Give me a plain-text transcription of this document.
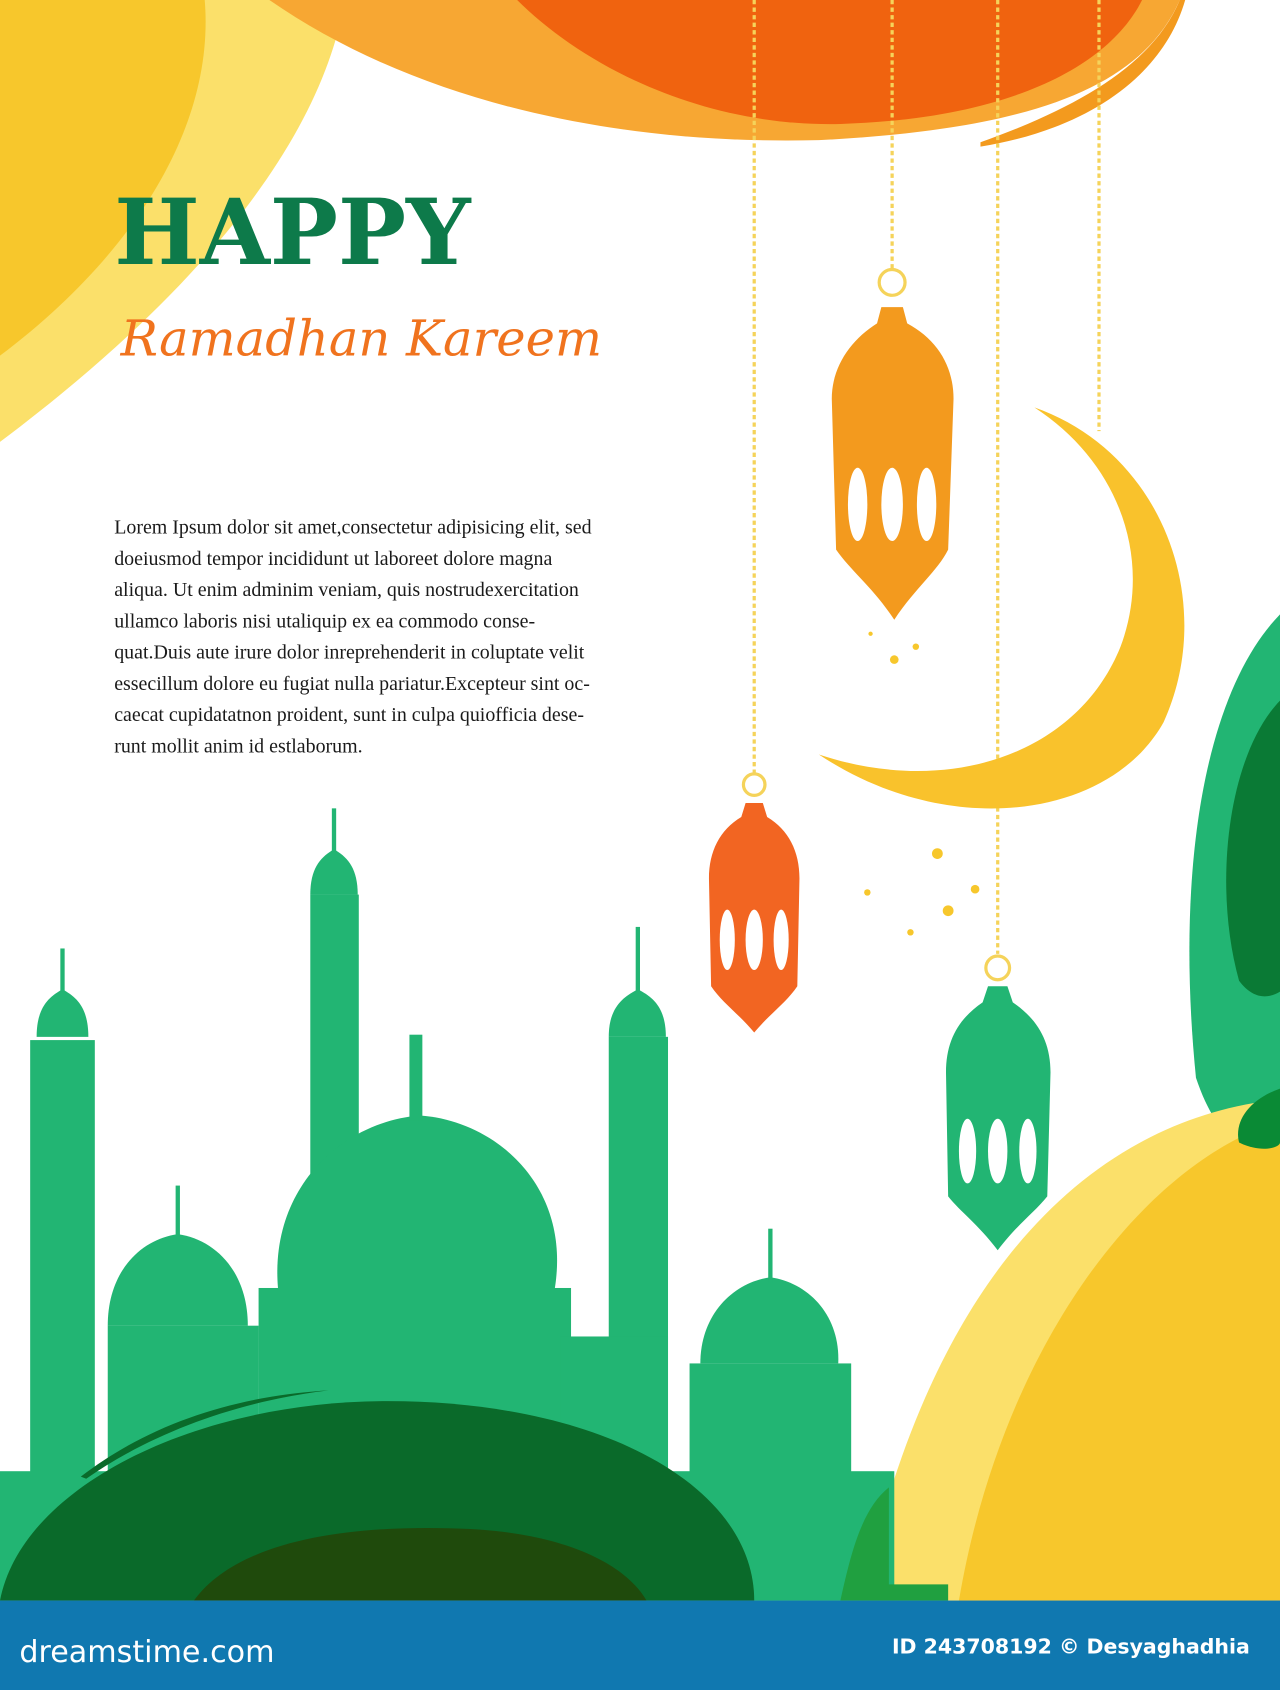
HAPPY
Ramadhan Kareem
Lorem Ipsum dolor sit amet,consectetur adipisicing elit, sed
doeiusmod tempor incididunt ut laboreet dolore magna
aliqua. Ut enim adminim veniam, quis nostrudexercitation
ullamco laboris nisi utaliquip ex ea commodo conse-
quat.Duis aute irure dolor inreprehenderit in coluptate velit
essecillum dolore eu fugiat nulla pariatur.Excepteur sint oc-
caecat cupidatatnon proident, sunt in culpa quiofficia dese-
runt mollit anim id estlaborum.
dreamstime.com	ID 243708192 © Desyaghadhia
